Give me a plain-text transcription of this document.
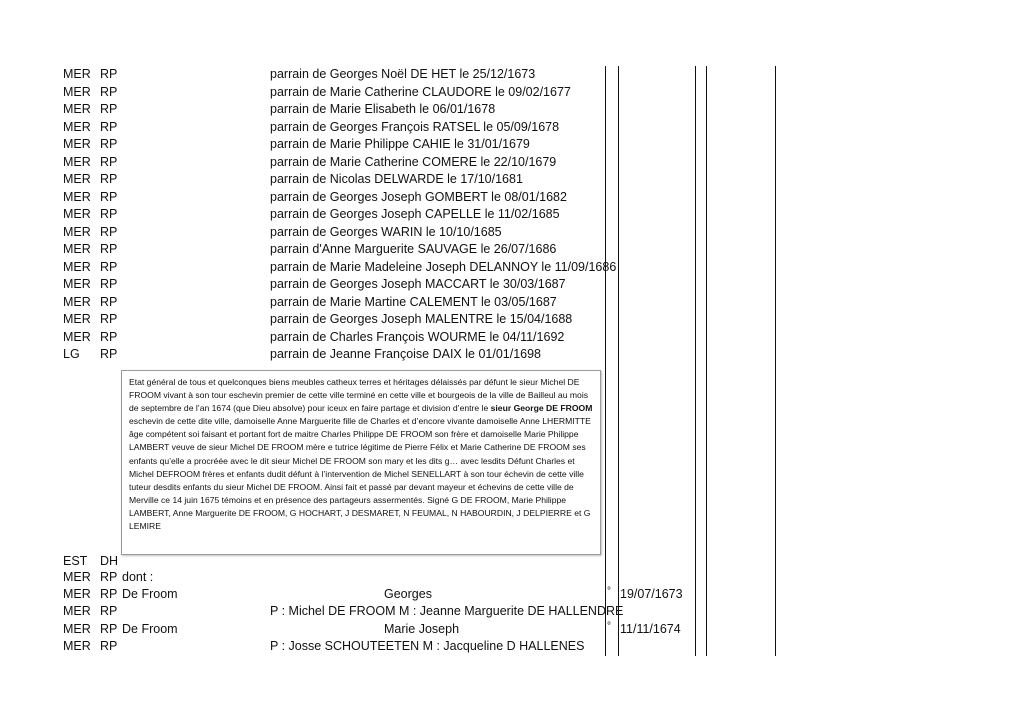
MER RP	parrain de Georges Noël DE HET le 25/12/1673
MER RP	parrain de Marie Catherine CLAUDORE le 09/02/1677
MER RP	parrain de Marie Elisabeth le 06/01/1678
MER RP	parrain de Georges François RATSEL le 05/09/1678
MER RP	parrain de Marie Philippe CAHIE le 31/01/1679
MER RP	parrain de Marie Catherine COMERE le 22/10/1679
MER RP	parrain de Nicolas DELWARDE le 17/10/1681
MER RP	parrain de Georges Joseph GOMBERT le 08/01/1682
MER RP	parrain de Georges Joseph CAPELLE le 11/02/1685
MER RP	parrain de Georges WARIN le 10/10/1685
MER RP	parrain d'Anne Marguerite SAUVAGE le 26/07/1686
MER RP	parrain de Marie Madeleine Joseph DELANNOY le 11/09/1686
MER RP	parrain de Georges Joseph MACCART le 30/03/1687
MER RP	parrain de Marie Martine CALEMENT le 03/05/1687
MER RP	parrain de Georges Joseph MALENTRE le 15/04/1688
MER RP	parrain de Charles François WOURME le 04/11/1692
LG RP	parrain de Jeanne Françoise DAIX le 01/01/1698

Etat général de tous et quelconques biens meubles catheux terres et héritages délaissés par défunt le sieur Michel DE FROOM vivant à son tour eschevin premier de cette ville terminé en cette ville et bourgeois de la ville de Bailleul au mois de septembre de l’an 1674 (que Dieu absolve) pour iceux en faire partage et division d’entre le sieur George DE FROOM eschevin de cette dite ville, damoiselle Anne Marguerite fille de Charles et d’encore vivante damoiselle Anne LHERMITTE âge compétent soi faisant et portant fort de maitre Charles Philippe DE FROOM son frère et damoiselle Marie Philippe LAMBERT veuve de sieur Michel DE FROOM mère e tutrice légitime de Pierre Félix et Marie Catherine DE FROOM ses enfants qu’elle a procréée avec le dit sieur Michel DE FROOM son mary et les dits g… avec lesdits Défunt Charles et Michel DEFROOM frères et enfants dudit défunt à l’intervention de Michel SENELLART à son tour échevin de cette ville tuteur desdits enfants du sieur Michel DE FROOM. Ainsi fait et passé par devant mayeur et échevins de cette ville de Merville ce 14 juin 1675 témoins et en présence des partageurs assermentés. Signé G DE FROOM, Marie Philippe LAMBERT, Anne Marguerite DE FROOM, G HOCHART, J DESMARET, N FEUMAL, N HABOURDIN, J DELPIERRE et G LEMIRE

EST DH
MER RP dont :
MER RP De Froom	Georges	° 19/07/1673
MER RP	P : Michel DE FROOM M : Jeanne Marguerite DE HALLENDRE
MER RP De Froom	Marie Joseph	° 11/11/1674
MER RP	P : Josse SCHOUTEETEN M : Jacqueline D HALLENES
